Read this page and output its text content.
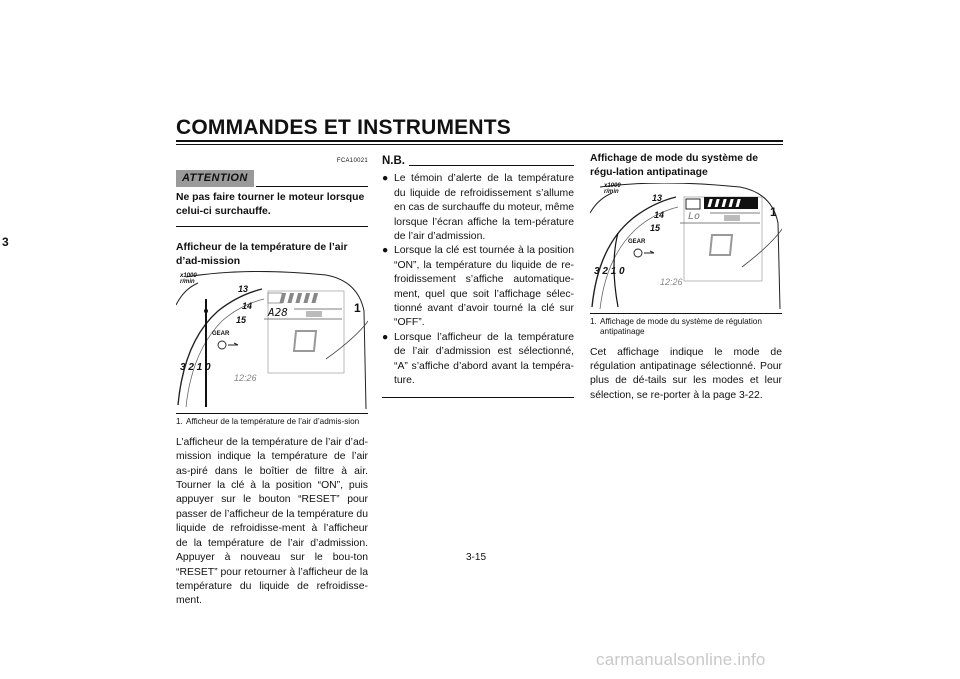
COMMANDES ET INSTRUMENTS
3
FCA10021
ATTENTION
Ne pas faire tourner le moteur lorsque celui-ci surchauffe.
Afficheur de la température de l’air d’ad-mission
x1000 r/min
13
14
15
A28
GEAR
3 2 1 0
12:26
1
1. Afficheur de la température de l’air d’admis-sion
L’afficheur de la température de l’air d’ad-mission indique la température de l’air as-piré dans le boîtier de filtre à air. Tourner la clé à la position “ON”, puis appuyer sur le bouton “RESET” pour passer de l’afficheur de la température du liquide de refroidisse-ment à l’afficheur de la température de l’air d’admission. Appuyer à nouveau sur le bou-ton “RESET” pour retourner à l’afficheur de la température du liquide de refroidisse-ment.
N.B.
● Le témoin d’alerte de la température du liquide de refroidissement s’allume en cas de surchauffe du moteur, même lorsque l’écran affiche la tem-pérature de l’air d’admission.
● Lorsque la clé est tournée à la position “ON”, la température du liquide de re-froidissement s’affiche automatique-ment, quel que soit l’affichage sélec-tionné avant d’avoir tourné la clé sur “OFF”.
● Lorsque l’afficheur de la température de l’air d’admission est sélectionné, “A” s’affiche d’abord avant la tempéra-ture.
Affichage de mode du système de régu-lation antipatinage
x1000 r/min
13
14
15
Lo
GEAR
3 2 1 0
12:26
1
1. Affichage de mode du système de régulation antipatinage
Cet affichage indique le mode de régulation antipatinage sélectionné. Pour plus de dé-tails sur les modes et leur sélection, se re-porter à la page 3-22.
3-15
carmanualsonline.info
